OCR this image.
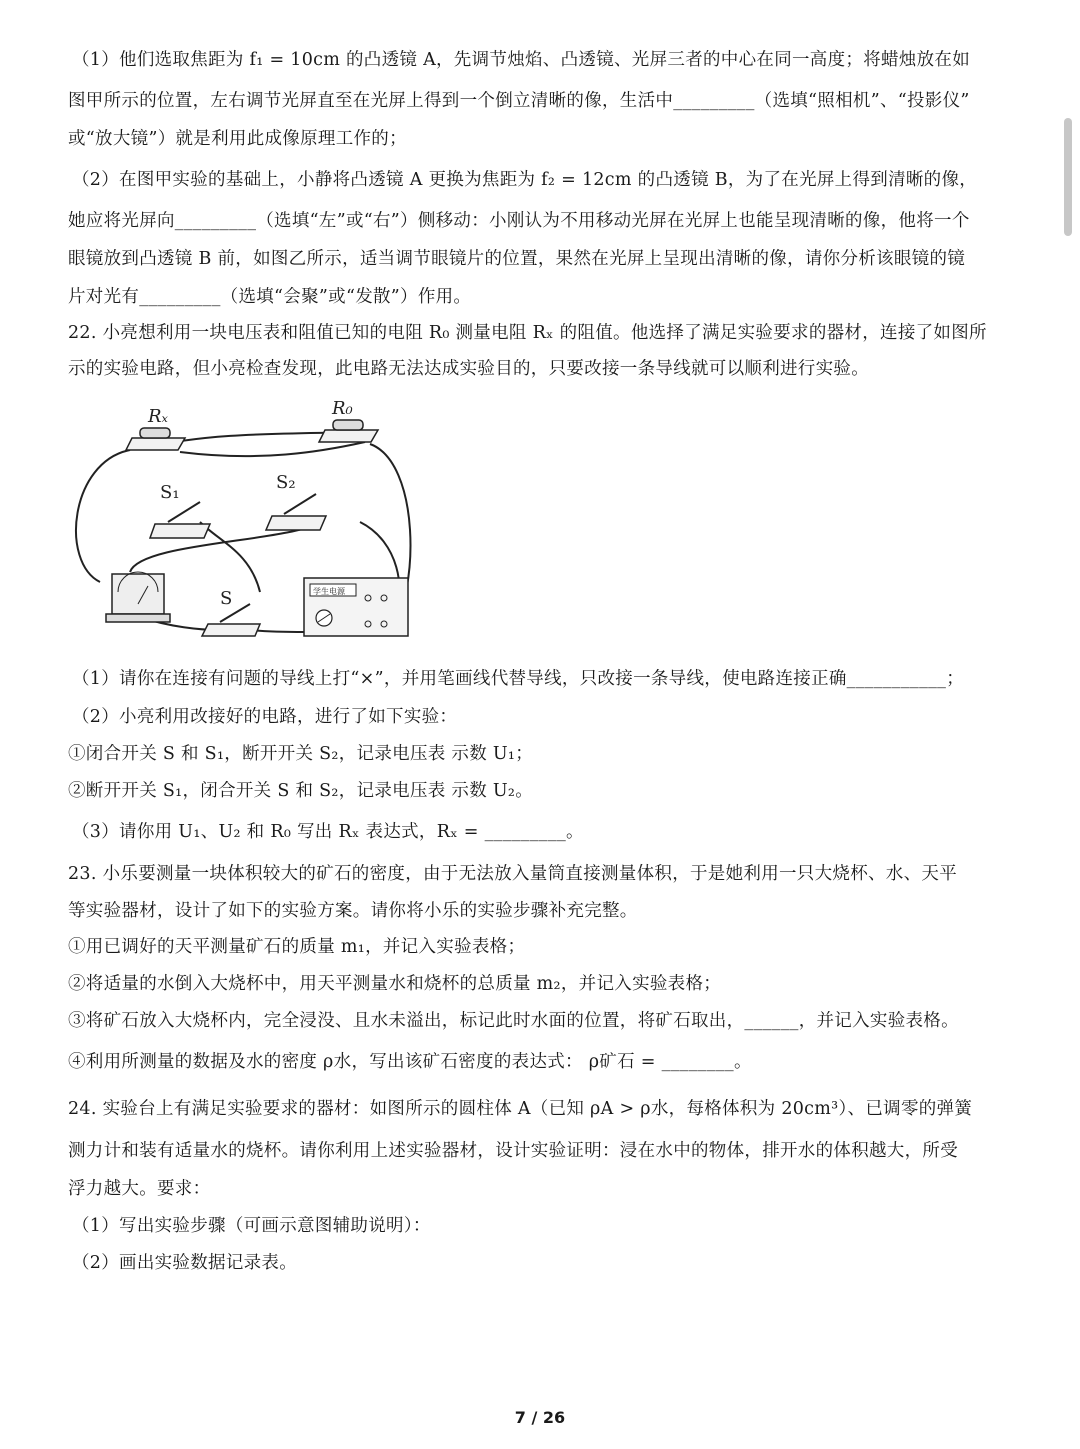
（1）他们选取焦距为 f₁ = 10cm 的凸透镜 A，先调节烛焰、凸透镜、光屏三者的中心在同一高度；将蜡烛放在如
图甲所示的位置，左右调节光屏直至在光屏上得到一个倒立清晰的像，生活中_________（选填“照相机”、“投影仪”
或“放大镜”）就是利用此成像原理工作的；
（2）在图甲实验的基础上，小静将凸透镜 A 更换为焦距为 f₂ = 12cm 的凸透镜 B，为了在光屏上得到清晰的像，
她应将光屏向_________（选填“左”或“右”）侧移动：小刚认为不用移动光屏在光屏上也能呈现清晰的像，他将一个
眼镜放到凸透镜 B 前，如图乙所示，适当调节眼镜片的位置，果然在光屏上呈现出清晰的像，请你分析该眼镜的镜
片对光有_________（选填“会聚”或“发散”）作用。
22. 小亮想利用一块电压表和阻值已知的电阻 R₀ 测量电阻 Rₓ 的阻值。他选择了满足实验要求的器材，连接了如图所
示的实验电路，但小亮检查发现，此电路无法达成实验目的，只要改接一条导线就可以顺利进行实验。
Rₓ	R₀
S₁	S₂
S	学生电源
（1）请你在连接有问题的导线上打“×”，并用笔画线代替导线，只改接一条导线，使电路连接正确___________；
（2）小亮利用改接好的电路，进行了如下实验：
①闭合开关 S 和 S₁，断开开关 S₂，记录电压表 示数 U₁；
②断开开关 S₁，闭合开关 S 和 S₂，记录电压表 示数 U₂。
（3）请你用 U₁、U₂ 和 R₀ 写出 Rₓ 表达式，Rₓ = _________。
23. 小乐要测量一块体积较大的矿石的密度，由于无法放入量筒直接测量体积，于是她利用一只大烧杯、水、天平
等实验器材，设计了如下的实验方案。请你将小乐的实验步骤补充完整。
①用已调好的天平测量矿石的质量 m₁，并记入实验表格；
②将适量的水倒入大烧杯中，用天平测量水和烧杯的总质量 m₂，并记入实验表格；
③将矿石放入大烧杯内，完全浸没、且水未溢出，标记此时水面的位置，将矿石取出，______，并记入实验表格。
④利用所测量的数据及水的密度 ρ水，写出该矿石密度的表达式： ρ矿石 = ________。
24. 实验台上有满足实验要求的器材：如图所示的圆柱体 A（已知 ρA > ρ水，每格体积为 20cm³）、已调零的弹簧
测力计和装有适量水的烧杯。请你利用上述实验器材，设计实验证明：浸在水中的物体，排开水的体积越大，所受
浮力越大。要求：
（1）写出实验步骤（可画示意图辅助说明）：
（2）画出实验数据记录表。
7 / 26
